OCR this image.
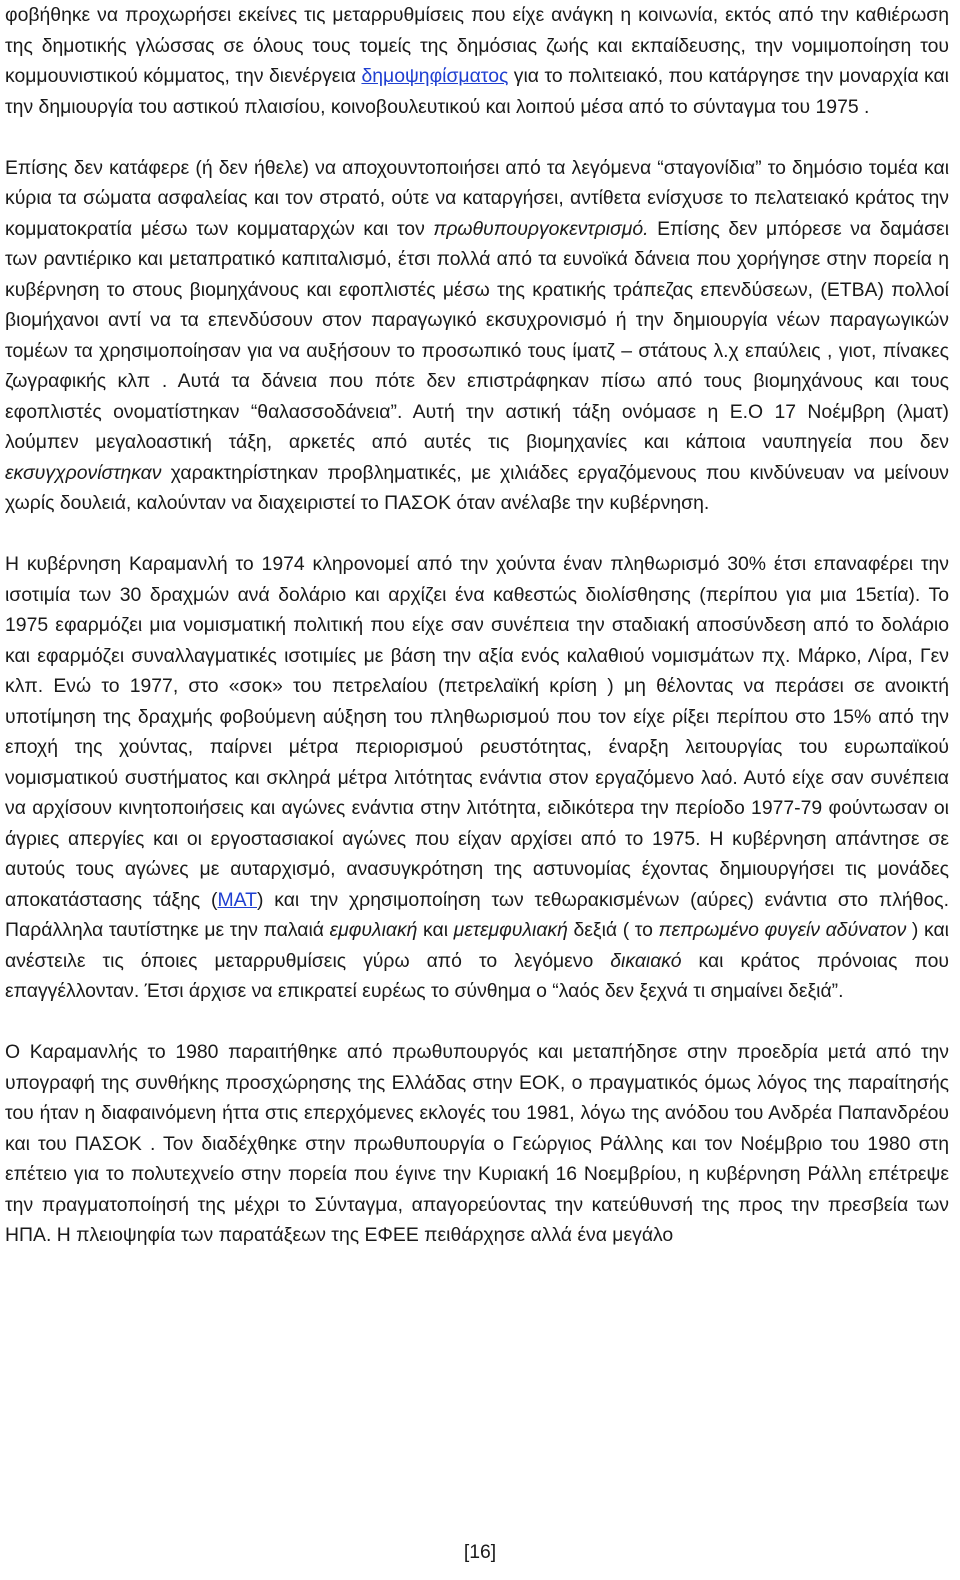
φοβήθηκε να προχωρήσει εκείνες τις μεταρρυθμίσεις που είχε ανάγκη η κοινωνία, εκτός από την καθιέρωση της δημοτικής γλώσσας σε όλους τους τομείς της δημόσιας ζωής και εκπαίδευσης, την νομιμοποίηση του κομμουνιστικού κόμματος, την διενέργεια δημοψηφίσματος για το πολιτειακό, που κατάργησε την μοναρχία και την δημιουργία του αστικού πλαισίου, κοινοβουλευτικού και λοιπού μέσα από το σύνταγμα του 1975 .

Επίσης δεν κατάφερε (ή δεν ήθελε) να αποχουντοποιήσει από τα λεγόμενα “σταγονίδια” το δημόσιο τομέα και κύρια τα σώματα ασφαλείας και τον στρατό, ούτε να καταργήσει, αντίθετα ενίσχυσε το πελατειακό κράτος την κομματοκρατία μέσω των κομματαρχών και τον πρωθυπουργοκεντρισμό. Επίσης δεν μπόρεσε να δαμάσει των ραντιέρικο και μεταπρατικό καπιταλισμό, έτσι πολλά από τα ευνοϊκά δάνεια που χορήγησε στην πορεία η κυβέρνηση το στους βιομηχάνους και εφοπλιστές μέσω της κρατικής τράπεζας επενδύσεων, (ΕΤΒΑ) πολλοί βιομήχανοι αντί να τα επενδύσουν στον παραγωγικό εκσυχρονισμό ή την δημιουργία νέων παραγωγικών τομέων τα χρησιμοποίησαν για να αυξήσουν το προσωπικό τους ίματζ – στάτους λ.χ επαύλεις , γιοτ, πίνακες ζωγραφικής κλπ . Αυτά τα δάνεια που πότε δεν επιστράφηκαν πίσω από τους βιομηχάνους και τους εφοπλιστές ονοματίστηκαν “θαλασσοδάνεια”. Αυτή την αστική τάξη ονόμασε η Ε.Ο 17 Νοέμβρη (λματ) λούμπεν μεγαλοαστική τάξη, αρκετές από αυτές τις βιομηχανίες και κάποια ναυπηγεία που δεν εκσυγχρονίστηκαν χαρακτηρίστηκαν προβληματικές, με χιλιάδες εργαζόμενους που κινδύνευαν να μείνουν χωρίς δουλειά, καλούνταν να διαχειριστεί το ΠΑΣΟΚ όταν ανέλαβε την κυβέρνηση.

Η κυβέρνηση Καραμανλή το 1974 κληρονομεί από την χούντα έναν πληθωρισμό 30% έτσι επαναφέρει την ισοτιμία των 30 δραχμών ανά δολάριο και αρχίζει ένα καθεστώς διολίσθησης (περίπου για μια 15ετία). Το 1975 εφαρμόζει μια νομισματική πολιτική που είχε σαν συνέπεια την σταδιακή αποσύνδεση από το δολάριο και εφαρμόζει συναλλαγματικές ισοτιμίες με βάση την αξία ενός καλαθιού νομισμάτων πχ. Μάρκο, Λίρα, Γεν κλπ. Ενώ το 1977, στο «σοκ» του πετρελαίου (πετρελαϊκή κρίση ) μη θέλοντας να περάσει σε ανοικτή υποτίμηση της δραχμής φοβούμενη αύξηση του πληθωρισμού που τον είχε ρίξει περίπου στο 15% από την εποχή της χούντας, παίρνει μέτρα περιορισμού ρευστότητας, έναρξη λειτουργίας του ευρωπαϊκού νομισματικού συστήματος και σκληρά μέτρα λιτότητας ενάντια στον εργαζόμενο λαό. Αυτό είχε σαν συνέπεια να αρχίσουν κινητοποιήσεις και αγώνες ενάντια στην λιτότητα, ειδικότερα την περίοδο 1977-79 φούντωσαν οι άγριες απεργίες και οι εργοστασιακοί αγώνες που είχαν αρχίσει από το 1975. Η κυβέρνηση απάντησε σε αυτούς τους αγώνες με αυταρχισμό, ανασυγκρότηση της αστυνομίας έχοντας δημιουργήσει τις μονάδες αποκατάστασης τάξης (ΜΑΤ) και την χρησιμοποίηση των τεθωρακισμένων (αύρες) ενάντια στο πλήθος. Παράλληλα ταυτίστηκε με την παλαιά εμφυλιακή και μετεμφυλιακή δεξιά ( το πεπρωμένο φυγείν αδύνατον ) και ανέστειλε τις όποιες μεταρρυθμίσεις γύρω από το λεγόμενο δικαιακό και κράτος πρόνοιας που επαγγέλλονταν. Έτσι άρχισε να επικρατεί ευρέως το σύνθημα ο “λαός δεν ξεχνά τι σημαίνει δεξιά”.

Ο Καραμανλής το 1980 παραιτήθηκε από πρωθυπουργός και μεταπήδησε στην προεδρία μετά από την υπογραφή της συνθήκης προσχώρησης της Ελλάδας στην ΕΟΚ, ο πραγματικός όμως λόγος της παραίτησής του ήταν η διαφαινόμενη ήττα στις επερχόμενες εκλογές του 1981, λόγω της ανόδου του Ανδρέα Παπανδρέου και του ΠΑΣΟΚ . Τον διαδέχθηκε στην πρωθυπουργία ο Γεώργιος Ράλλης και τον Νοέμβριο του 1980 στη επέτειο για το πολυτεχνείο στην πορεία που έγινε την Κυριακή 16 Νοεμβρίου, η κυβέρνηση Ράλλη επέτρεψε την πραγματοποίησή της μέχρι το Σύνταγμα, απαγορεύοντας την κατεύθυνσή της προς την πρεσβεία των ΗΠΑ. Η πλειοψηφία των παρατάξεων της ΕΦΕΕ πειθάρχησε αλλά ένα μεγάλο

[16]
